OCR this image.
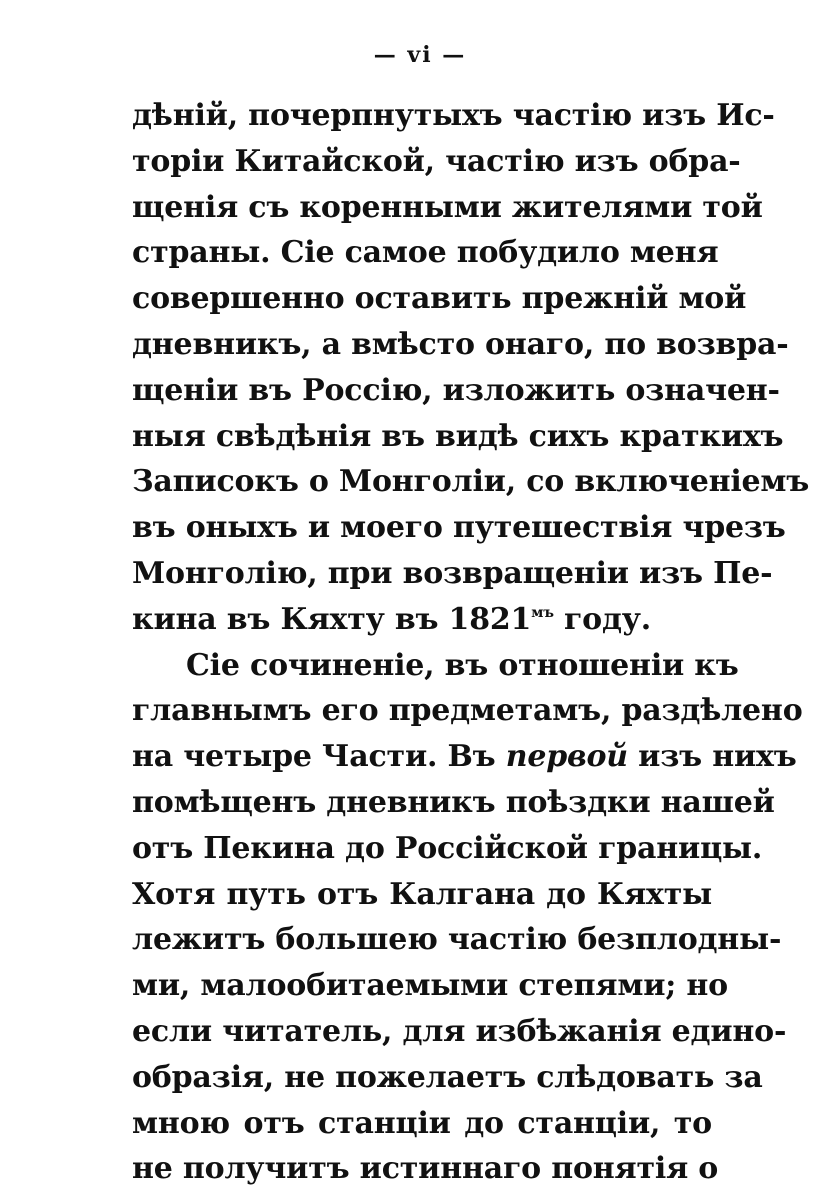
— vi —
дѣній, почерпнутыхъ частію изъ Ис-
торіи Китайской, частію изъ обра-
щенія съ коренными жителями той
страны. Сіе самое побудило меня
совершенно оставить прежній мой
дневникъ, а вмѣсто онаго, по возвра-
щеніи въ Россію, изложить означен-
ныя свѣдѣнія въ видѣ сихъ краткихъ
Записокъ о Монголіи, со включеніемъ
въ оныхъ и моего путешествія чрезъ
Монголію, при возвращеніи изъ Пе-
кина въ Кяхту въ $1821^{мъ}$ году.
Сіе сочиненіе, въ отношеніи къ
главнымъ его предметамъ, раздѣлено
на четыре Части. Въ первой изъ нихъ
помѣщенъ дневникъ поѣздки нашей
отъ Пекина до Россійской границы.
Хотя путь отъ Калгана до Кяхты
лежитъ большею частію безплодны-
ми, малообитаемыми степями; но
если читатель, для избѣжанія едино-
образія, не пожелаетъ слѣдовать за
мною отъ станціи до станціи, то
не получитъ истиннаго понятія о
